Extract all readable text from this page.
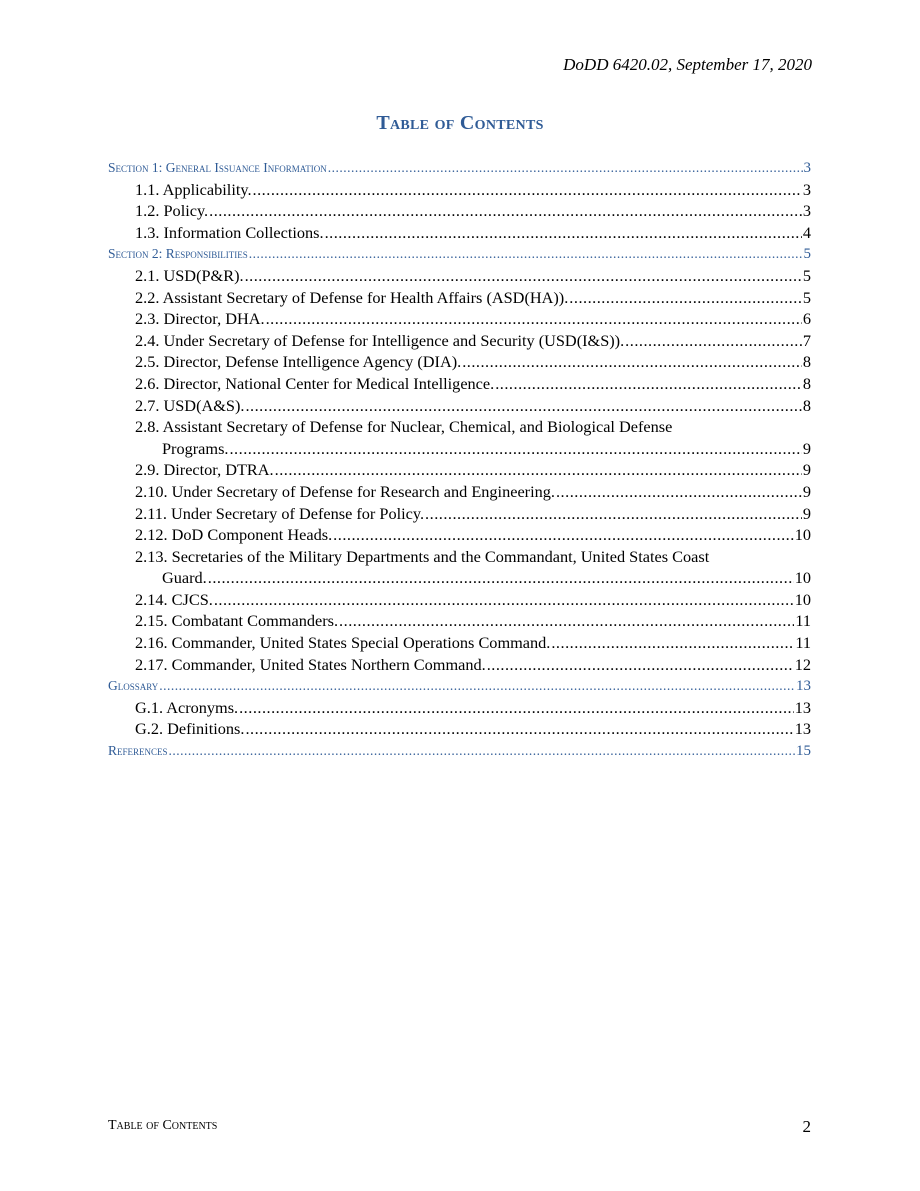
DoDD 6420.02, September 17, 2020
Table of Contents
Section 1: General Issuance Information .....	3
1.1. Applicability. .....	3
1.2. Policy. .....	3
1.3. Information Collections. .....	4
Section 2: Responsibilities .....	5
2.1. USD(P&R). .....	5
2.2. Assistant Secretary of Defense for Health Affairs (ASD(HA)). .....	5
2.3. Director, DHA. .....	6
2.4. Under Secretary of Defense for Intelligence and Security (USD(I&S)). .....	7
2.5. Director, Defense Intelligence Agency (DIA). .....	8
2.6. Director, National Center for Medical Intelligence. .....	8
2.7. USD(A&S). .....	8
2.8. Assistant Secretary of Defense for Nuclear, Chemical, and Biological Defense
Programs. .....	9
2.9. Director, DTRA. .....	9
2.10. Under Secretary of Defense for Research and Engineering. .....	9
2.11. Under Secretary of Defense for Policy. .....	9
2.12. DoD Component Heads. .....	10
2.13. Secretaries of the Military Departments and the Commandant, United States Coast
Guard. .....	10
2.14. CJCS. .....	10
2.15. Combatant Commanders. .....	11
2.16. Commander, United States Special Operations Command. .....	11
2.17. Commander, United States Northern Command. .....	12
Glossary .....	13
G.1. Acronyms. .....	13
G.2. Definitions. .....	13
References .....	15
Table of Contents	2
